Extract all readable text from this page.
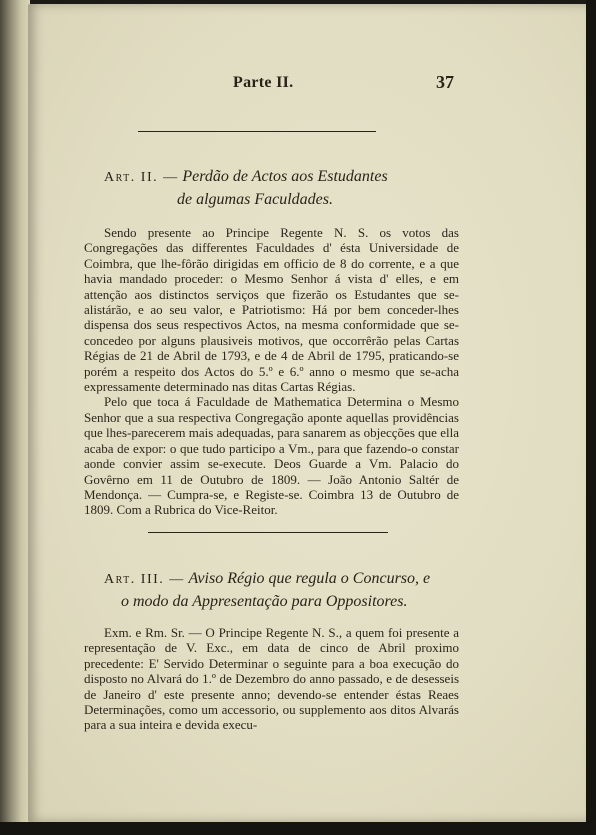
Parte II.	37
Art. II. — Perdão de Actos aos Estudantes
de algumas Faculdades.

Sendo presente ao Principe Regente N. S. os votos das Congregações das differentes Faculdades d' ésta Universidade de Coimbra, que lhe-fôrão dirigidas em officio de 8 do corrente, e a que havia mandado proceder: o Mesmo Senhor á vista d' elles, e em attenção aos distinctos serviços que fizerão os Estudantes que se-alistárão, e ao seu valor, e Patriotismo: Há por bem conceder-lhes dispensa dos seus respectivos Actos, na mesma conformidade que se-concedeo por alguns plausiveis motivos, que occorrêrão pelas Cartas Régias de 21 de Abril de 1793, e de 4 de Abril de 1795, praticando-se porém a respeito dos Actos do 5.º e 6.º anno o mesmo que se-acha expressamente determinado nas ditas Cartas Régias.

Pelo que toca á Faculdade de Mathematica Determina o Mesmo Senhor que a sua respectiva Congregação aponte aquellas providências que lhes-parecerem mais adequadas, para sanarem as objecções que ella acaba de expor: o que tudo participo a Vm., para que fazendo-o constar aonde convier assim se-execute. Deos Guarde a Vm. Palacio do Govêrno em 11 de Outubro de 1809. — João Antonio Saltér de Mendonça. — Cumpra-se, e Registe-se. Coimbra 13 de Outubro de 1809. Com a Rubrica do Vice-Reitor.

Art. III. — Aviso Régio que regula o Concurso, e
o modo da Appresentação para Oppositores.

Exm. e Rm. Sr. — O Principe Regente N. S., a quem foi presente a representação de V. Exc., em data de cinco de Abril proximo precedente: E' Servido Determinar o seguinte para a boa execução do disposto no Alvará do 1.º de Dezembro do anno passado, e de desesseis de Janeiro d' este presente anno; devendo-se entender éstas Reaes Determinações, como um accessorio, ou supplemento aos ditos Alvarás para a sua inteira e devida execu-
